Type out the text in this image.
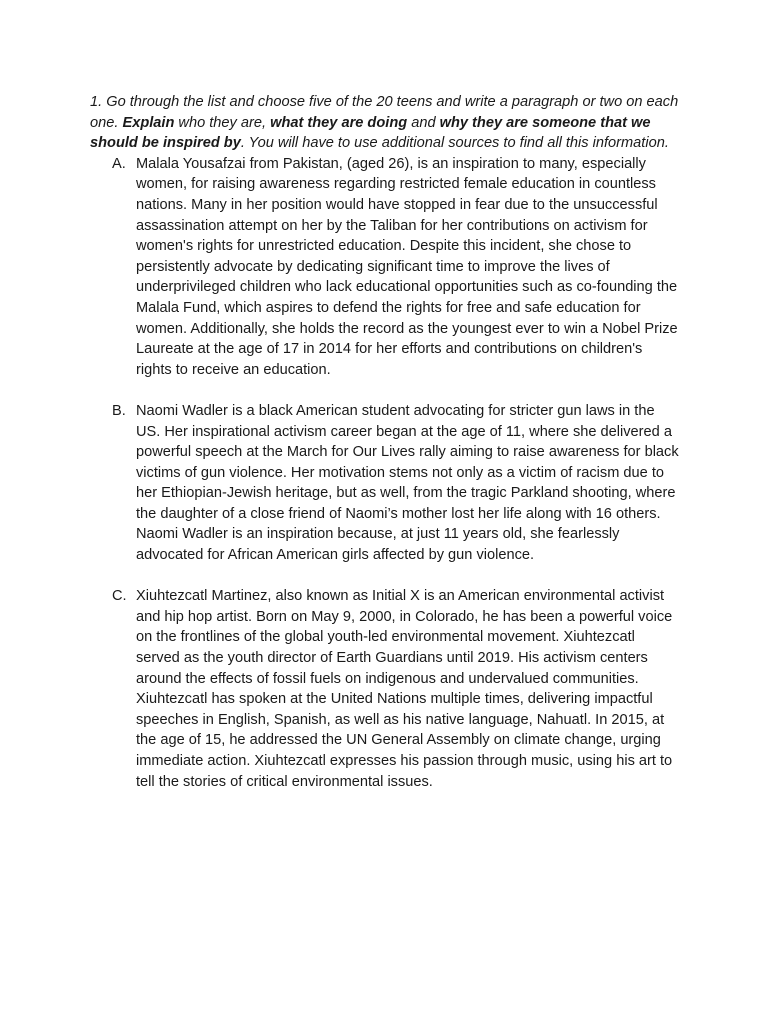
1. Go through the list and choose five of the 20 teens and write a paragraph or two on each one. Explain who they are, what they are doing and why they are someone that we should be inspired by. You will have to use additional sources to find all this information.

A. Malala Yousafzai from Pakistan, (aged 26), is an inspiration to many, especially women, for raising awareness regarding restricted female education in countless nations. Many in her position would have stopped in fear due to the unsuccessful assassination attempt on her by the Taliban for her contributions on activism for women's rights for unrestricted education. Despite this incident, she chose to persistently advocate by dedicating significant time to improve the lives of underprivileged children who lack educational opportunities such as co-founding the Malala Fund, which aspires to defend the rights for free and safe education for women. Additionally, she holds the record as the youngest ever to win a Nobel Prize Laureate at the age of 17 in 2014 for her efforts and contributions on children's rights to receive an education.
B. Naomi Wadler is a black American student advocating for stricter gun laws in the US. Her inspirational activism career began at the age of 11, where she delivered a powerful speech at the March for Our Lives rally aiming to raise awareness for black victims of gun violence. Her motivation stems not only as a victim of racism due to her Ethiopian-Jewish heritage, but as well, from the tragic Parkland shooting, where the daughter of a close friend of Naomi’s mother lost her life along with 16 others. Naomi Wadler is an inspiration because, at just 11 years old, she fearlessly advocated for African American girls affected by gun violence.
C. Xiuhtezcatl Martinez, also known as Initial X is an American environmental activist and hip hop artist. Born on May 9, 2000, in Colorado, he has been a powerful voice on the frontlines of the global youth-led environmental movement. Xiuhtezcatl served as the youth director of Earth Guardians until 2019. His activism centers around the effects of fossil fuels on indigenous and undervalued communities. Xiuhtezcatl has spoken at the United Nations multiple times, delivering impactful speeches in English, Spanish, as well as his native language, Nahuatl. In 2015, at the age of 15, he addressed the UN General Assembly on climate change, urging immediate action. Xiuhtezcatl expresses his passion through music, using his art to tell the stories of critical environmental issues.
